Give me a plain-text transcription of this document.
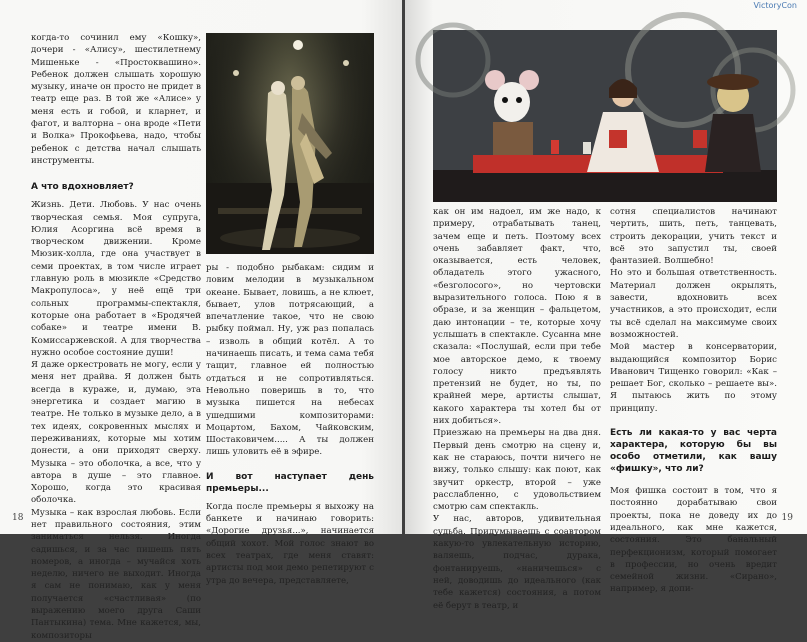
когда-то сочинил ему «Кошку», дочери - «Алису», шестилетнему Мишеньке - «Простоквашино». Ребенок должен слышать хорошую музыку, иначе он просто не придет в театр еще раз. В той же «Алисе» у меня есть и гобой, и кларнет, и фагот, и валторна – она вроде «Пети и Волка» Прокофьева, надо, чтобы ребенок с детства начал слышать инструменты.

А что вдохновляет?

Жизнь. Дети. Любовь. У нас очень творческая семья. Моя супруга, Юлия Асоргина всё время в творческом движении. Кроме Мюзик-холла, где она участвует в семи проектах, в том числе играет главную роль в мюзикле «Средство Макропулоса», у неё ещё три сольных программы-спектакля, которые она работает в «Бродячей собаке» и театре имени В. Комиссаржевской. А для творчества нужно особое состояние души!

Я даже оркестровать не могу, если у меня нет драйва. Я должен быть всегда в кураже, и, думаю, эта энергетика и создает магию в театре. Не только в музыке дело, а в тех идеях, сокровенных мыслях и переживаниях, которые мы хотим донести, а они приходят сверху. Музыка – это оболочка, а все, что у автора в душе – это главное. Хорошо, когда это красивая оболочка.

Музыка – как взрослая любовь. Если нет правильного состояния, этим заниматься нельзя. Иногда садишься, и за час пишешь пять номеров, а иногда – мучайся хоть неделю, ничего не выходит. Иногда я сам не понимаю, как у меня получается «счастливая» (по выражению моего друга Саши Пантыкина) тема. Мне кажется, мы, композиторы

18

ры - подобно рыбакам: сидим и ловим мелодии в музыкальном океане. Бывает, ловишь, а не клюет, бывает, улов потрясающий, а впечатление такое, что не свою рыбку поймал. Ну, уж раз попалась – изволь в общий котёл. А то начинаешь писать, и тема сама тебя тащит, главное ей полностью отдаться и не сопротивляться. Невольно поверишь в то, что музыка пишется на небесах ушедшими композиторами: Моцартом, Бахом, Чайковским, Шостаковичем..... А ты должен лишь уловить её в эфире.

И вот наступает день премьеры...

Когда после премьеры я выхожу на банкете и начинаю говорить: «Дорогие друзья...», начинается общий хохот. Мой голос знают во всех театрах, где меня ставят: артисты под мои демо репетируют с утра до вечера, представляете,

VictoryCon
19

как он им надоел, им же надо, к примеру, отрабатывать танец, зачем еще и петь. Поэтому всех очень забавляет факт, что, оказывается, есть человек, обладатель этого ужасного, «безголосого», но чертовски выразительного голоса. Пою я в образе, и за женщин – фальцетом, даю интонации – те, которые хочу услышать в спектакле. Сусанна мне сказала: «Послушай, если при тебе мое авторское демо, к твоему голосу никто предъявлять претензий не будет, но ты, по крайней мере, артисты слышат, какого характера ты хотел бы от них добиться».

Приезжаю на премьеры на два дня. Первый день смотрю на сцену и, как не стараюсь, почти ничего не вижу, только слышу: как поют, как звучит оркестр, второй – уже расслабленно, с удовольствием смотрю сам спектакль.

У нас, авторов, удивительная судьба. Придумываешь с соавтором какую-то увлекательную историю, валяешь, подчас, дурака, фонтанируешь, «наничешься» с ней, доводишь до идеального (как тебе кажется) состояния, а потом её берут в театр, и

сотня специалистов начинают чертить, шить, петь, танцевать, строить декорации, учить текст и всё это запустил ты, своей фантазией. Волшебно!

Но это и большая ответственность. Материал должен окрылять, завести, вдохновить всех участников, а это происходит, если ты всё сделал на максимуме своих возможностей.

Мой мастер в консерватории, выдающийся композитор Борис Иванович Тищенко говорил: «Как – решает Бог, сколько – решаете вы». Я пытаюсь жить по этому принципу.

Есть ли какая-то у вас черта характера, которую бы вы особо отметили, как вашу «фишку», что ли?

Моя фишка состоит в том, что я постоянно дорабатываю свои проекты, пока не доведу их до идеального, как мне кажется, состояния. Это банальный перфекционизм, который помогает в профессии, но очень вредит семейной жизни. «Сирано», например, я допи-
